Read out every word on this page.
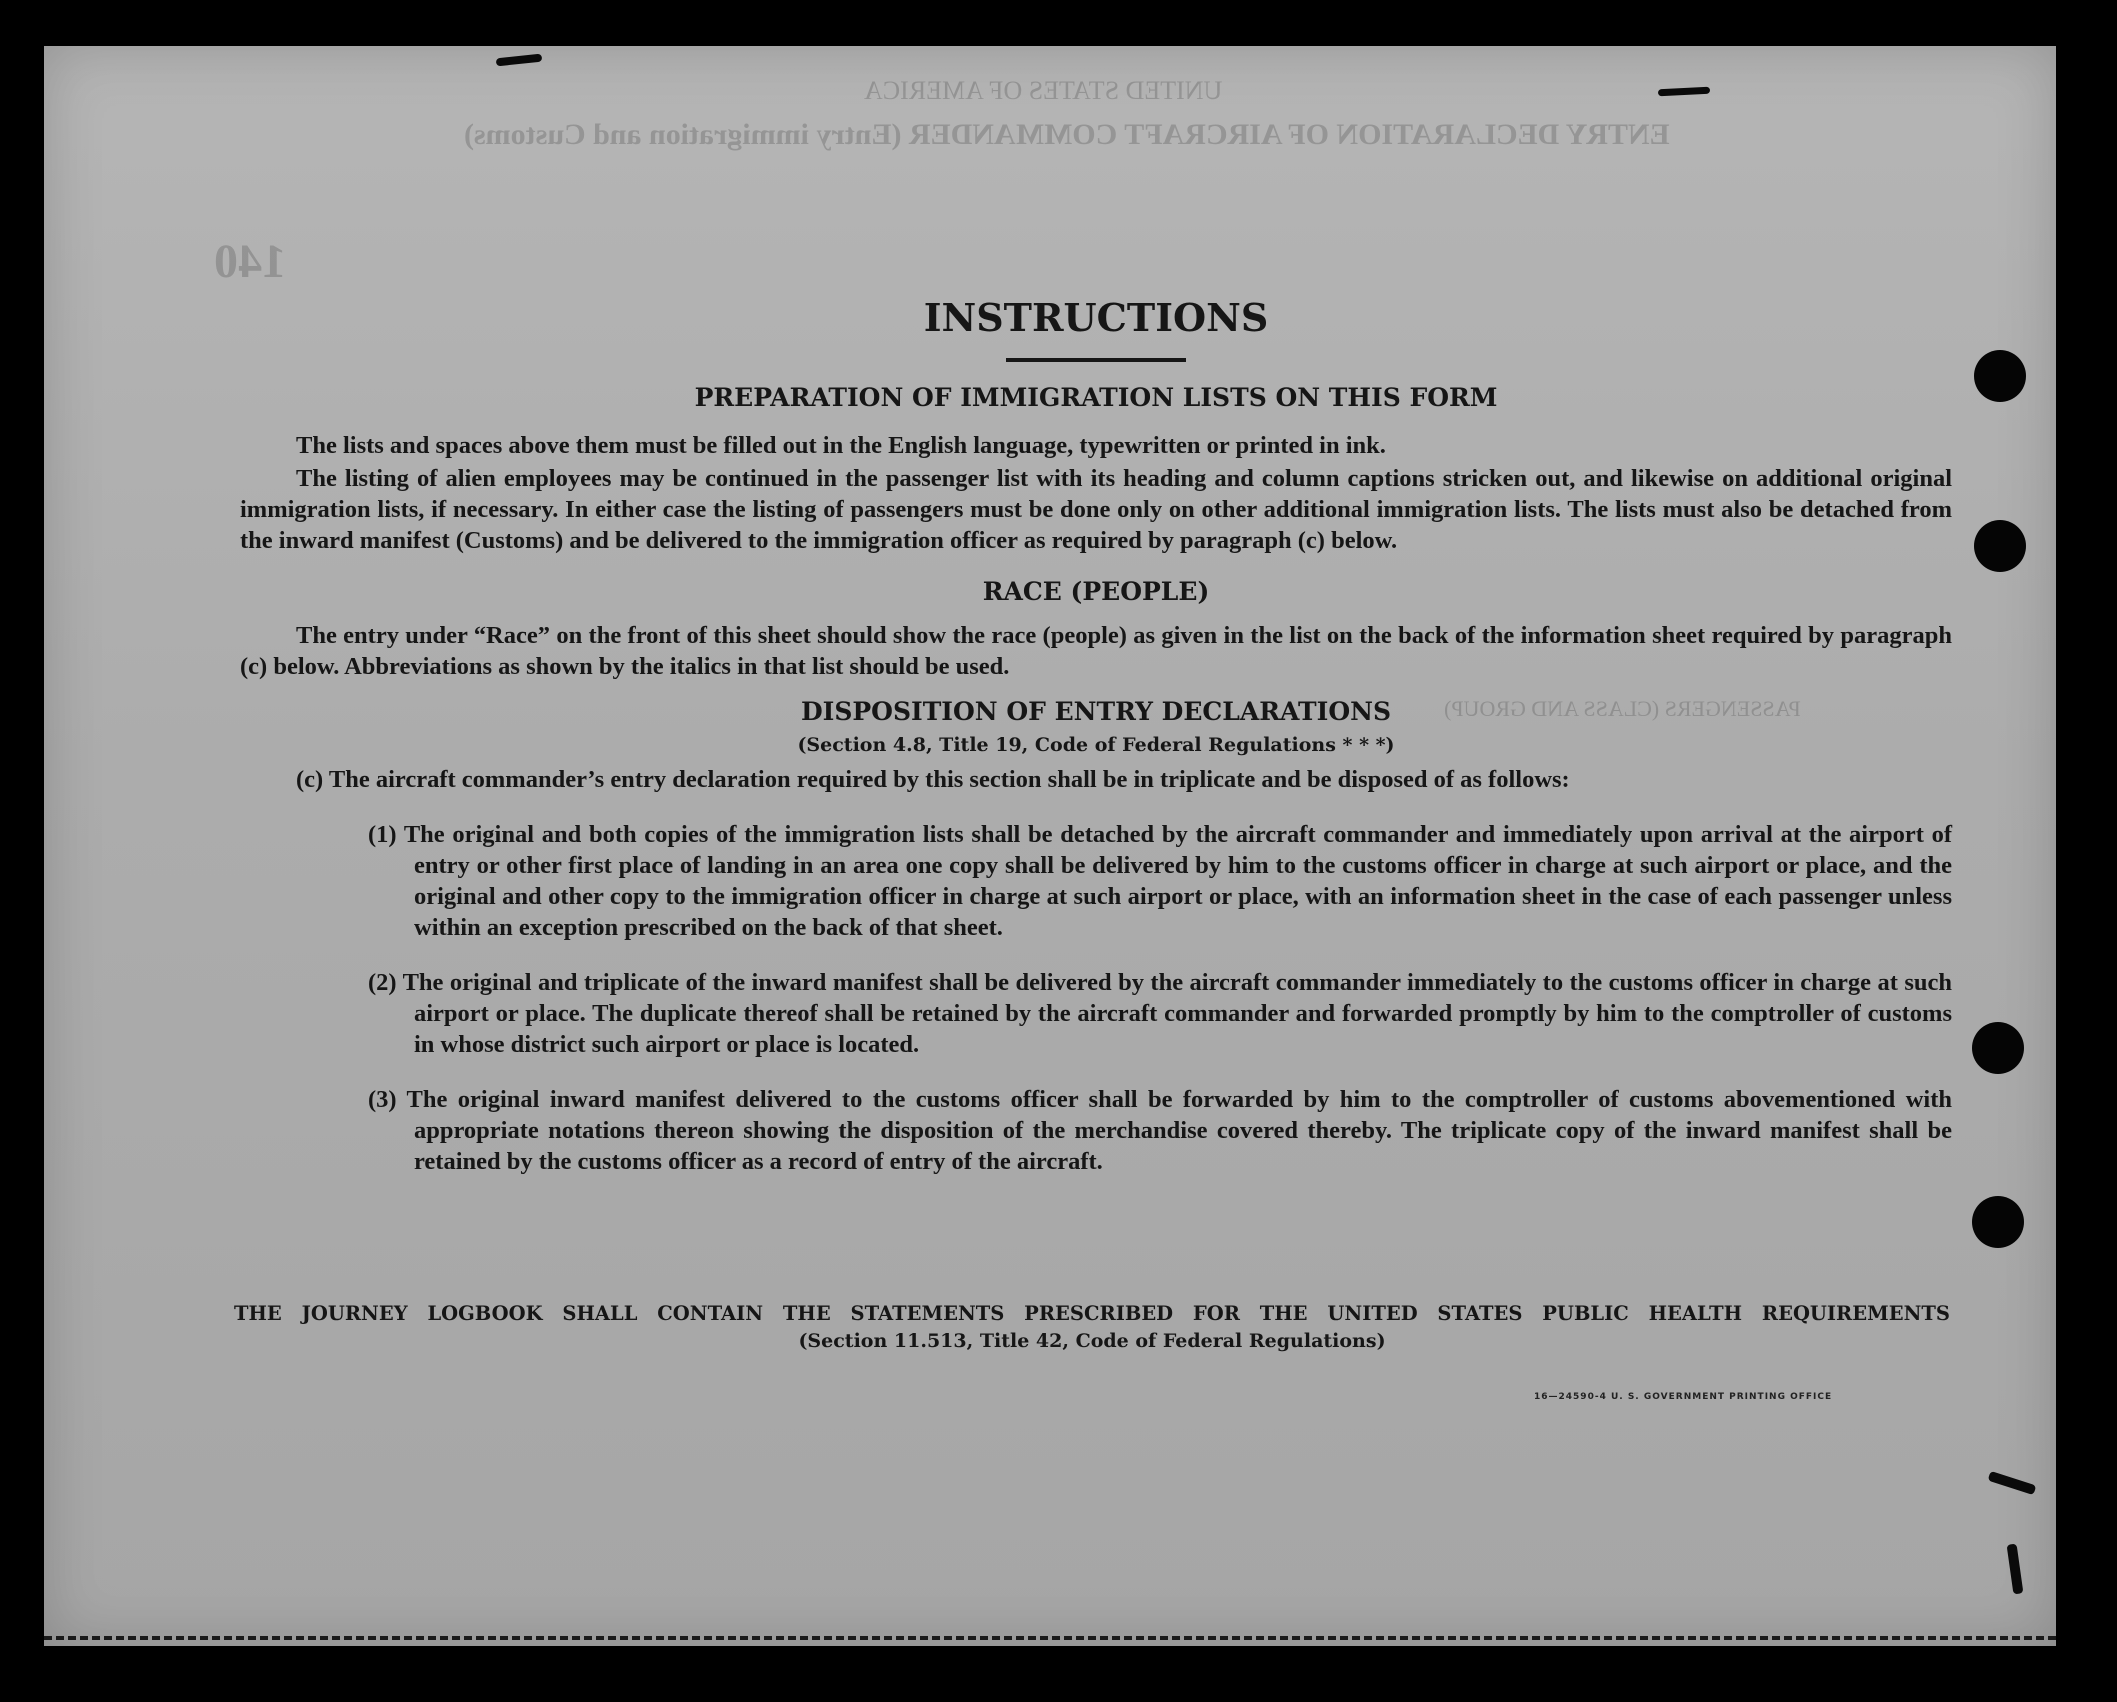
UNITED STATES OF AMERICA
ENTRY DECLARATION OF AIRCRAFT COMMANDER (Entry immigration and Customs)
PASSENGERS (CLASS AND GROUP)
140
INSTRUCTIONS
PREPARATION OF IMMIGRATION LISTS ON THIS FORM

The lists and spaces above them must be filled out in the English language, typewritten or printed in ink.

The listing of alien employees may be continued in the passenger list with its heading and column captions stricken out, and likewise on additional original immigration lists, if necessary. In either case the listing of passengers must be done only on other additional immigration lists. The lists must also be detached from the inward manifest (Customs) and be delivered to the immigration officer as required by paragraph (c) below.

RACE (PEOPLE)

The entry under “Race” on the front of this sheet should show the race (people) as given in the list on the back of the information sheet required by paragraph (c) below. Abbreviations as shown by the italics in that list should be used.

DISPOSITION OF ENTRY DECLARATIONS
(Section 4.8, Title 19, Code of Federal Regulations * * *)

(c) The aircraft commander’s entry declaration required by this section shall be in triplicate and be disposed of as follows:

(1) The original and both copies of the immigration lists shall be detached by the aircraft commander and immediately upon arrival at the airport of entry or other first place of landing in an area one copy shall be delivered by him to the customs officer in charge at such airport or place, and the original and other copy to the immigration officer in charge at such airport or place, with an information sheet in the case of each passenger unless within an exception prescribed on the back of that sheet.

(2) The original and triplicate of the inward manifest shall be delivered by the aircraft commander immediately to the customs officer in charge at such airport or place. The duplicate thereof shall be retained by the aircraft commander and forwarded promptly by him to the comptroller of customs in whose district such airport or place is located.

(3) The original inward manifest delivered to the customs officer shall be forwarded by him to the comptroller of customs abovementioned with appropriate notations thereon showing the disposition of the merchandise covered thereby. The triplicate copy of the inward manifest shall be retained by the customs officer as a record of entry of the aircraft.

THE JOURNEY LOGBOOK SHALL CONTAIN THE STATEMENTS PRESCRIBED FOR THE UNITED STATES PUBLIC HEALTH REQUIREMENTS
(Section 11.513, Title 42, Code of Federal Regulations)
16—24590-4 U. S. GOVERNMENT PRINTING OFFICE
